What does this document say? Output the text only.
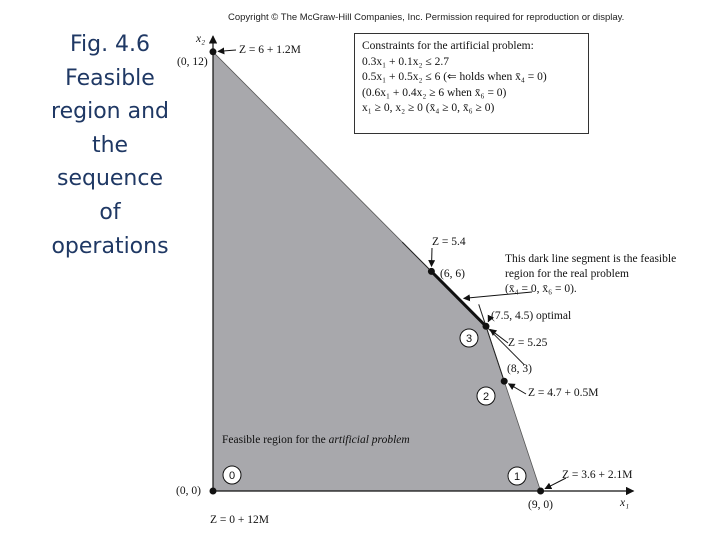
Fig. 4.6
Feasible
region and
the
sequence
of
operations
Copyright © The McGraw-Hill Companies, Inc. Permission required for reproduction or display.
0	1
2
3
x₂
x₁
Constraints for the artificial problem:
0.3x₁ + 0.1x₂ ≤ 2.7
0.5x₁ + 0.5x₂ ≤ 6 (⇐ holds when x̄₄ = 0)
(0.6x₁ + 0.4x₂ ≥ 6 when x̄₆ = 0)
x₁ ≥ 0, x₂ ≥ 0 (x̄₄ ≥ 0, x̄₆ ≥ 0)
(0, 0)
(9, 0)
(8, 3)
(7.5, 4.5) optimal
(6, 6)
(0, 12)
Z = 0 + 12M
Z = 3.6 + 2.1M
Z = 4.7 + 0.5M
Z = 5.25
Z = 5.4
Z = 6 + 1.2M
Feasible region for the artificial problem
This dark line segment is the feasible
region for the real problem
(x̄₄ = 0, x̄₆ = 0).
